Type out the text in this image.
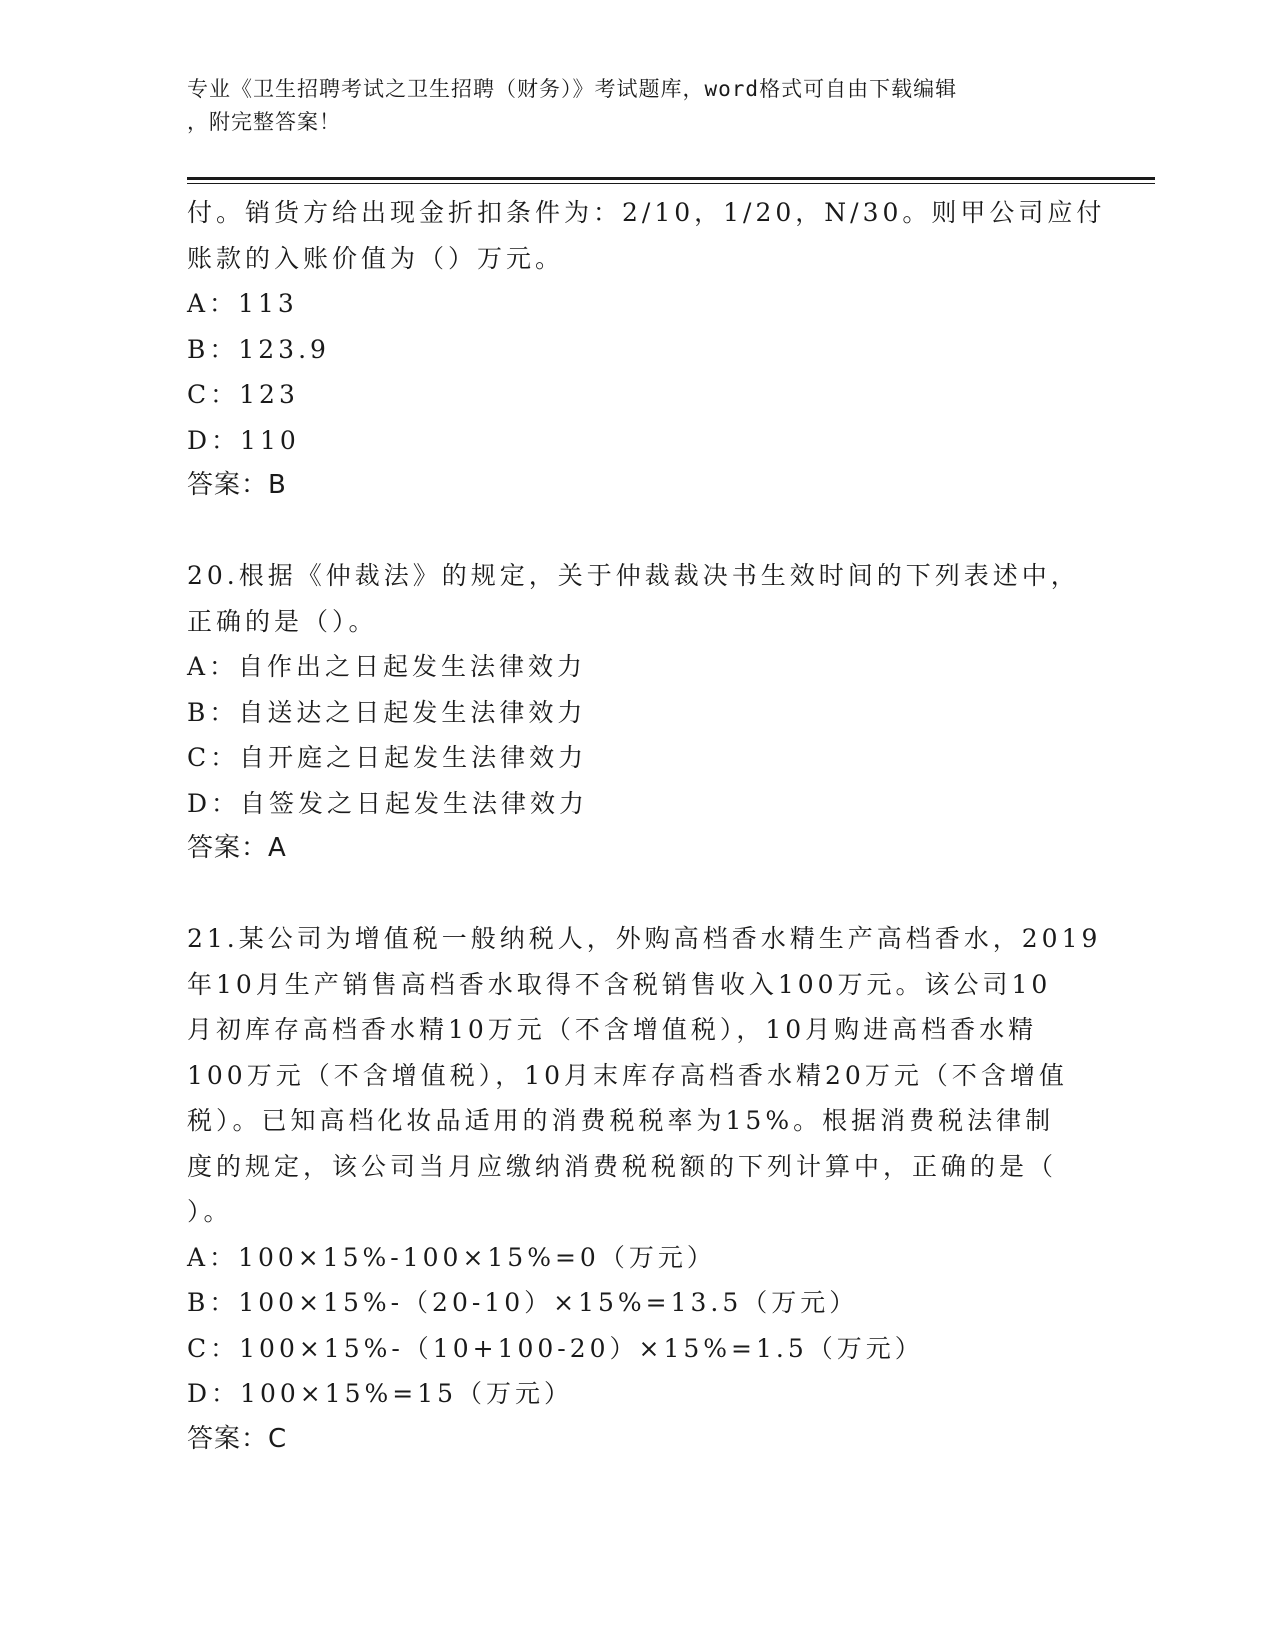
专业《卫生招聘考试之卫生招聘（财务）》考试题库，word格式可自由下载编辑
，附完整答案！
付。销货方给出现金折扣条件为：2/10，1/20，N/30。则甲公司应付
账款的入账价值为（）万元。
A：113
B：123.9
C：123
D：110
答案：B
20.根据《仲裁法》的规定，关于仲裁裁决书生效时间的下列表述中，
正确的是（）。
A：自作出之日起发生法律效力
B：自送达之日起发生法律效力
C：自开庭之日起发生法律效力
D：自签发之日起发生法律效力
答案：A
21.某公司为增值税一般纳税人，外购高档香水精生产高档香水，2019
年10月生产销售高档香水取得不含税销售收入100万元。该公司10
月初库存高档香水精10万元（不含增值税），10月购进高档香水精
100万元（不含增值税），10月末库存高档香水精20万元（不含增值
税）。已知高档化妆品适用的消费税税率为15%。根据消费税法律制
度的规定，该公司当月应缴纳消费税税额的下列计算中，正确的是（
）。
A：100×15%-100×15%=0（万元）
B：100×15%-（20-10）×15%=13.5（万元）
C：100×15%-（10+100-20）×15%=1.5（万元）
D：100×15%=15（万元）
答案：C
